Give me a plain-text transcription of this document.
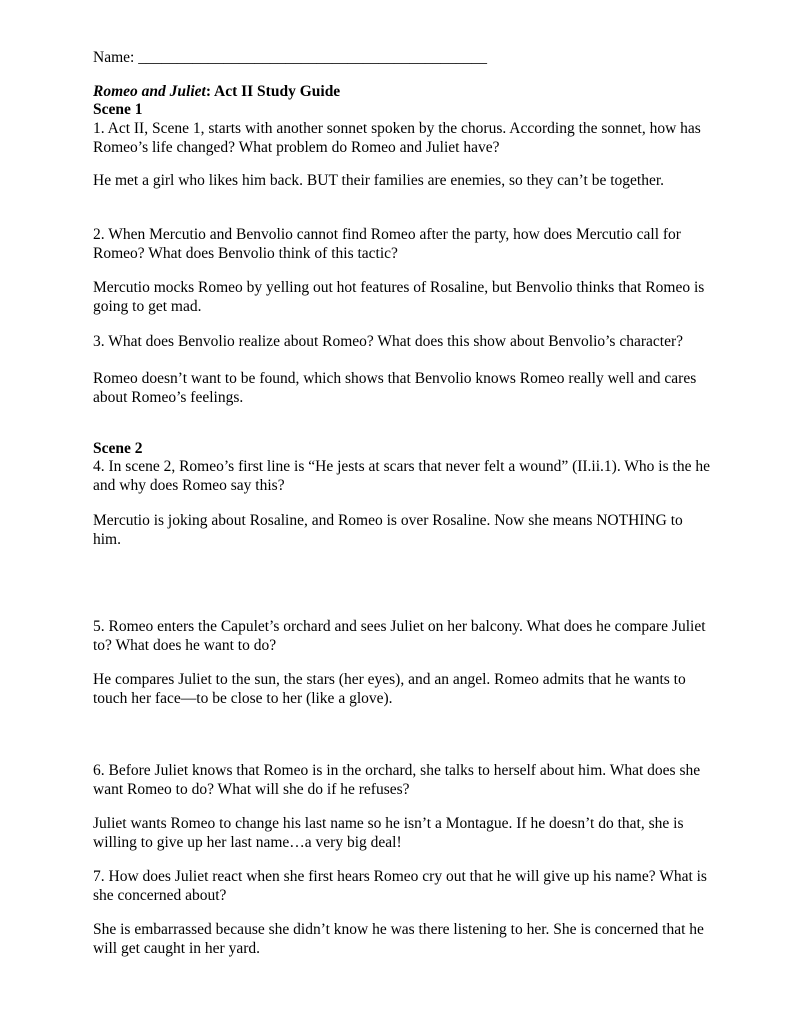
Name: _____________________________________________

Romeo and Juliet: Act II Study Guide

Scene 1

1. Act II, Scene 1, starts with another sonnet spoken by the chorus. According the sonnet, how has Romeo’s life changed? What problem do Romeo and Juliet have?

He met a girl who likes him back. BUT their families are enemies, so they can’t be together.

2. When Mercutio and Benvolio cannot find Romeo after the party, how does Mercutio call for Romeo? What does Benvolio think of this tactic?

Mercutio mocks Romeo by yelling out hot features of Rosaline, but Benvolio thinks that Romeo is going to get mad.

3. What does Benvolio realize about Romeo? What does this show about Benvolio’s character?

Romeo doesn’t want to be found, which shows that Benvolio knows Romeo really well and cares about Romeo’s feelings.

Scene 2

4. In scene 2, Romeo’s first line is “He jests at scars that never felt a wound” (II.ii.1). Who is the he and why does Romeo say this?

Mercutio is joking about Rosaline, and Romeo is over Rosaline. Now she means NOTHING to him.

5. Romeo enters the Capulet’s orchard and sees Juliet on her balcony. What does he compare Juliet to? What does he want to do?

He compares Juliet to the sun, the stars (her eyes), and an angel. Romeo admits that he wants to touch her face—to be close to her (like a glove).

6. Before Juliet knows that Romeo is in the orchard, she talks to herself about him. What does she want Romeo to do? What will she do if he refuses?

Juliet wants Romeo to change his last name so he isn’t a Montague. If he doesn’t do that, she is willing to give up her last name…a very big deal!

7. How does Juliet react when she first hears Romeo cry out that he will give up his name? What is she concerned about?

She is embarrassed because she didn’t know he was there listening to her. She is concerned that he will get caught in her yard.
